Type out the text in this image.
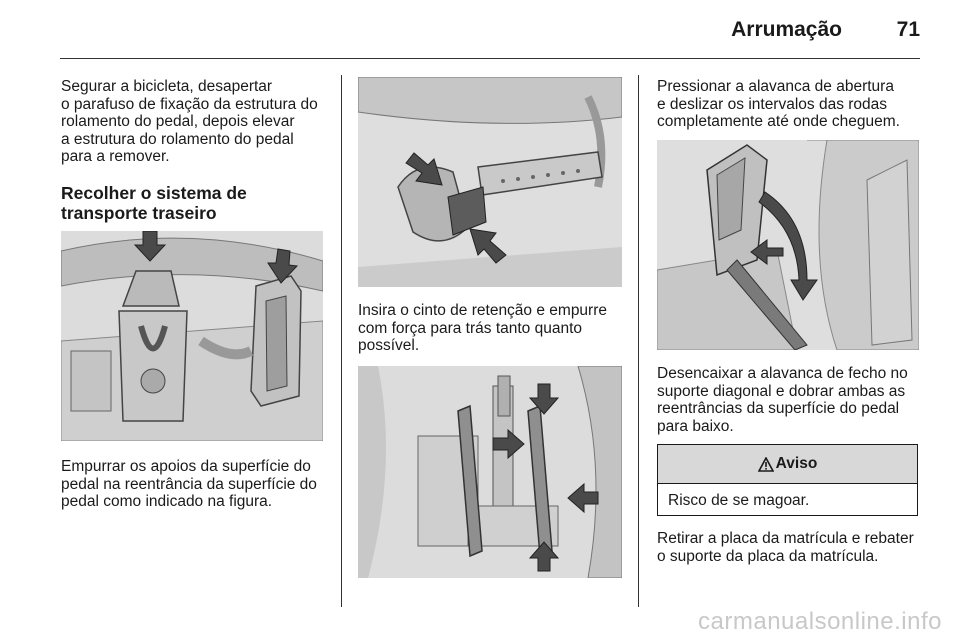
Arrumação	71

Segurar a bicicleta, desapertar
o parafuso de fixação da estrutura do
rolamento do pedal, depois elevar
a estrutura do rolamento do pedal
para a remover.

Recolher o sistema de
transporte traseiro

Empurrar os apoios da superfície do
pedal na reentrância da superfície do
pedal como indicado na figura.

Insira o cinto de retenção e empurre
com força para trás tanto quanto
possível.

Pressionar a alavanca de abertura
e deslizar os intervalos das rodas
completamente até onde cheguem.

Desencaixar a alavanca de fecho no
suporte diagonal e dobrar ambas as
reentrâncias da superfície do pedal
para baixo.

Aviso
Risco de se magoar.

Retirar a placa da matrícula e rebater
o suporte da placa da matrícula.

carmanualsonline.info
